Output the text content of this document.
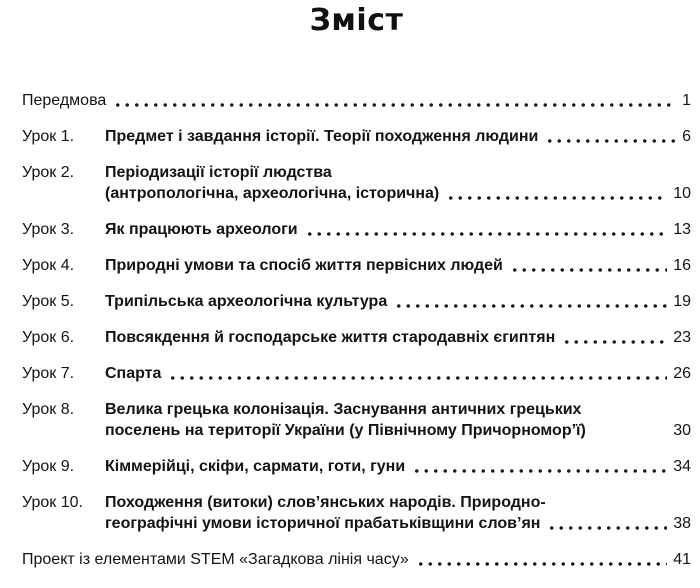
Зміст
Передмова	1
Урок 1.	Предмет і завдання історії. Теорії походження людини	6
Урок 2.	Періодизації історії людства
(антропологічна, археологічна, історична)	10
Урок 3.	Як працюють археологи	13
Урок 4.	Природні умови та спосіб життя первісних людей	16
Урок 5.	Трипільська археологічна культура	19
Урок 6.	Повсякдення й господарське життя стародавніх єгиптян	23
Урок 7.	Спарта	26
Урок 8.	Велика грецька колонізація. Заснування античних грецьких
поселень на території України (у Північному Причорномор’ї)	30
Урок 9.	Кіммерійці, скіфи, сармати, готи, гуни	34
Урок 10.	Походження (витоки) слов’янських народів. Природно-
географічні умови історичної прабатьківщини слов’ян	38
Проект із елементами STEM «Загадкова лінія часу»	41
